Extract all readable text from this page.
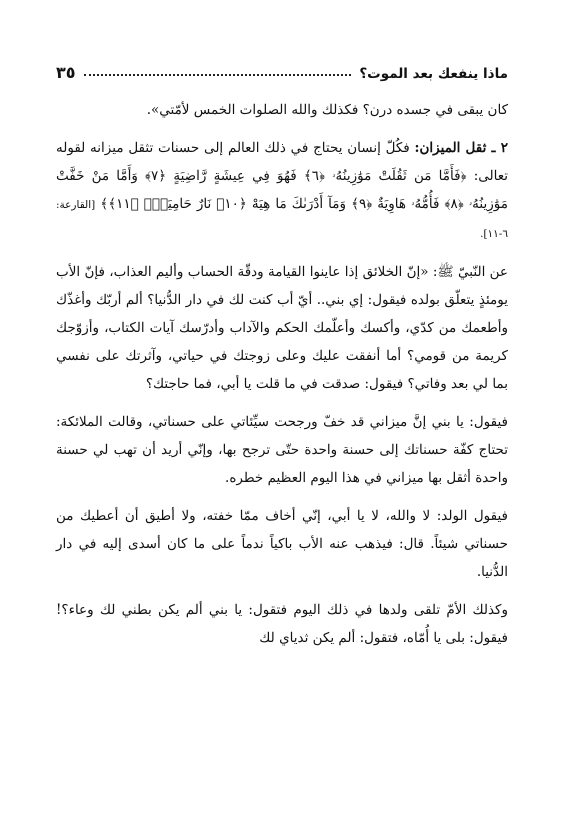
ماذا ينفعك بعد الموت؟
٣٥

كان يبقى في جسده درن؟ فكذلك والله الصلوات الخمس لأمّتي».

٢ ـ ثقل الميزان: فكُلّ إنسان يحتاج في ذلك العالم إلى حسنات تثقل ميزانه لقوله تعالى: ﴿فَأَمَّا مَن ثَقُلَتْ مَوَٰزِينُهُۥ ﴿٦﴾ فَهُوَ فِي عِيشَةٍ رَّاضِيَةٍ ﴿٧﴾ وَأَمَّا مَنْ خَفَّتْ مَوَٰزِينُهُۥ ﴿٨﴾ فَأُمُّهُۥ هَاوِيَةٌ ﴿٩﴾ وَمَآ أَدْرَىٰكَ مَا هِيَهْ ﴿١٠﴾ نَارٌ حَامِيَةٌۢ ﴿١١﴾﴾ [القارعة: ٦-١١].

عن النّبيّ ﷺ: «إنّ الخلائق إذا عاينوا القيامة ودقّة الحساب وأليم العذاب، فإنّ الأب يومئذٍ يتعلّق بولده فيقول: إي بني.. أيّ أب كنت لك في دار الدُّنيا؟ ألم أربّك وأغذّك وأطعمك من كدّي، وأكسك وأعلّمك الحكم والآداب وأدرّسك آيات الكتاب، وأزوّجك كريمة من قومي؟ أما أنفقت عليك وعلى زوجتك في حياتي، وآثرتك على نفسي بما لي بعد وفاتي؟ فيقول: صدقت في ما قلت يا أبي، فما حاجتك؟

فيقول: يا بني إنَّ ميزاني قد خفّ ورجحت سيِّئاتي على حسناتي، وقالت الملائكة: تحتاج كفّة حسناتك إلى حسنة واحدة حتّى ترجح بها، وإنّي أريد أن تهب لي حسنة واحدة أثقل بها ميزاني في هذا اليوم العظيم خطره.

فيقول الولد: لا والله، لا يا أبي، إنّي أخاف ممّا خفته، ولا أطيق أن أعطيك من حسناتي شيئاً. قال: فيذهب عنه الأب باكياً ندماً على ما كان أسدى إليه في دار الدُّنيا.

وكذلك الأمّ تلقى ولدها في ذلك اليوم فتقول: يا بني ألم يكن بطني لك وعاء؟! فيقول: بلى يا أُمّاه، فتقول: ألم يكن ثدياي لك
